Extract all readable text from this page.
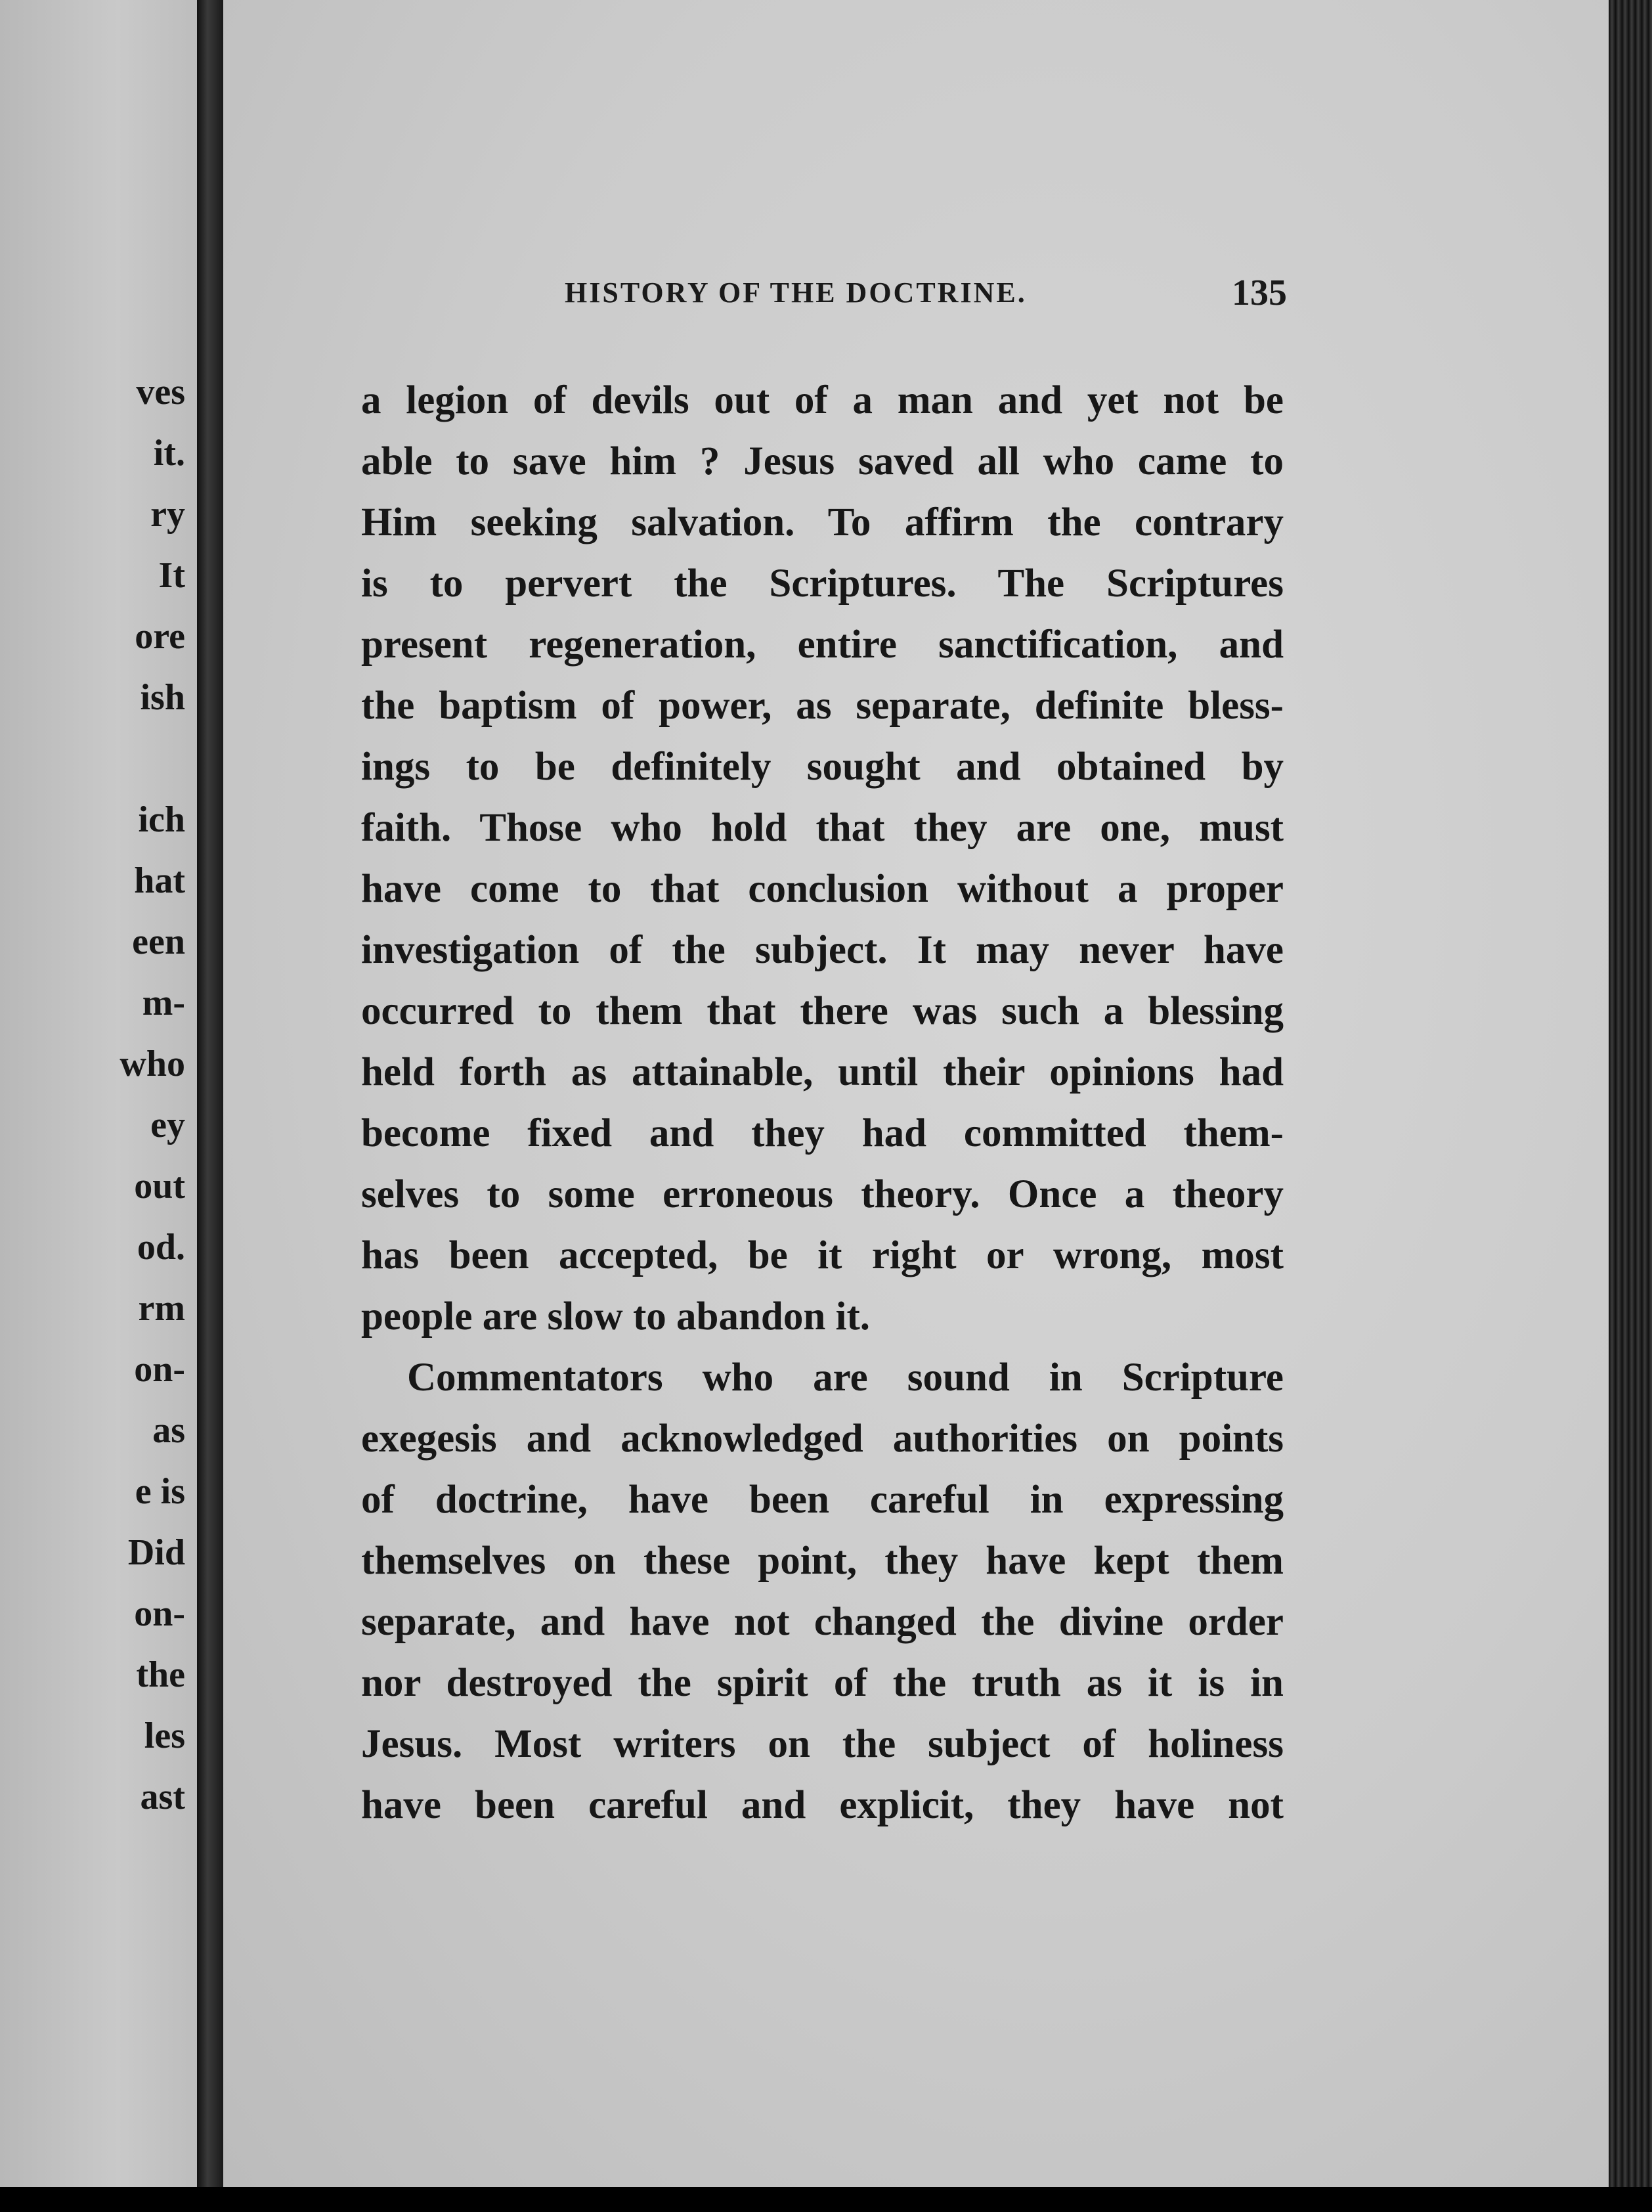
ves
it.
ry
It
ore
ish
ich
hat
een
m-
who
ey
out
od.
rm
on-
as
e is
Did
on-
the
les
ast
HISTORY OF THE DOCTRINE.	135
a legion of devils out of a man and yet not be
able to save him ? Jesus saved all who came to
Him seeking salvation. To affirm the contrary
is to pervert the Scriptures. The Scriptures
present regeneration, entire sanctification, and
the baptism of power, as separate, definite bless-
ings to be definitely sought and obtained by
faith. Those who hold that they are one, must
have come to that conclusion without a proper
investigation of the subject. It may never have
occurred to them that there was such a blessing
held forth as attainable, until their opinions had
become fixed and they had committed them-
selves to some erroneous theory. Once a theory
has been accepted, be it right or wrong, most
people are slow to abandon it.
Commentators who are sound in Scripture
exegesis and acknowledged authorities on points
of doctrine, have been careful in expressing
themselves on these point, they have kept them
separate, and have not changed the divine order
nor destroyed the spirit of the truth as it is in
Jesus. Most writers on the subject of holiness
have been careful and explicit, they have not
